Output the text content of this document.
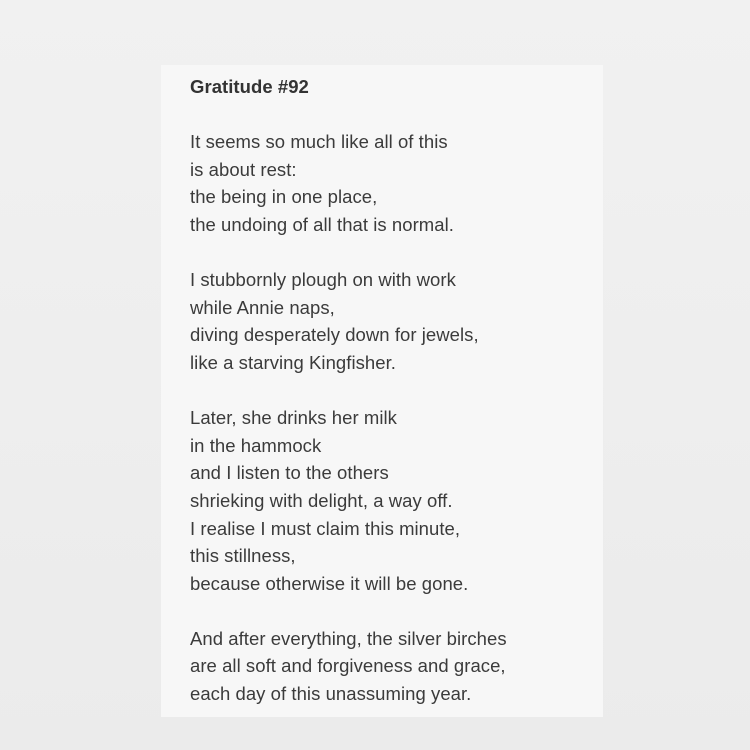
Gratitude #92
It seems so much like all of this
is about rest:
the being in one place,
the undoing of all that is normal.
I stubbornly plough on with work
while Annie naps,
diving desperately down for jewels,
like a starving Kingfisher.
Later, she drinks her milk
in the hammock
and I listen to the others
shrieking with delight, a way off.
I realise I must claim this minute,
this stillness,
because otherwise it will be gone.
And after everything, the silver birches
are all soft and forgiveness and grace,
each day of this unassuming year.
